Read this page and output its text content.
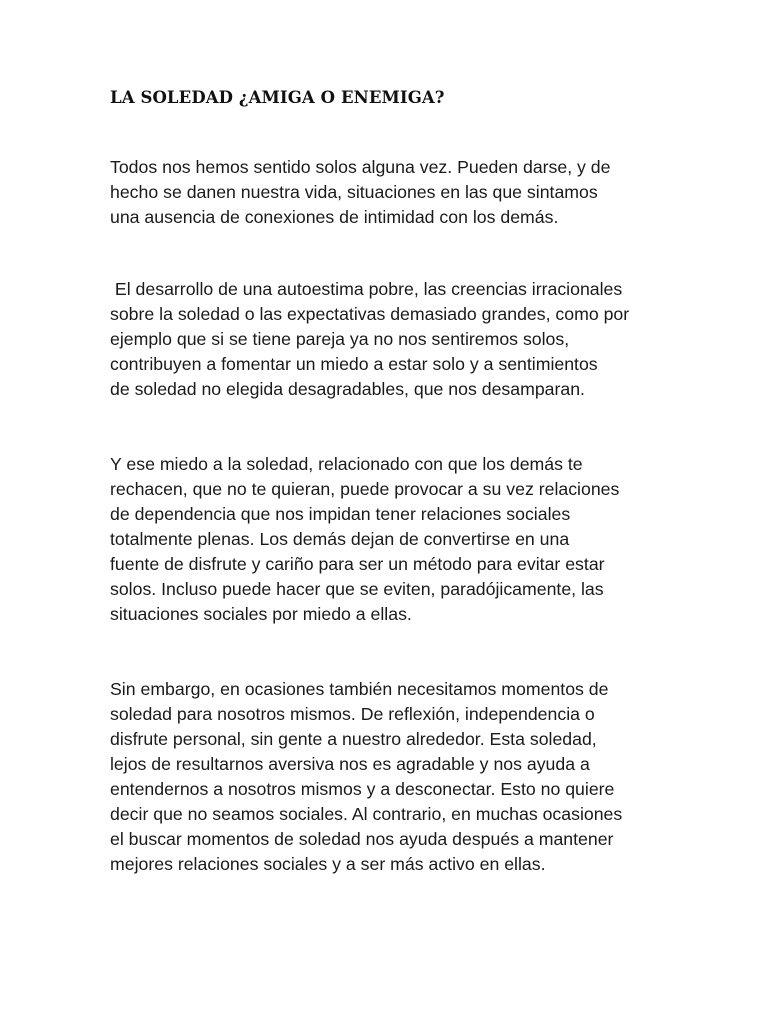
LA SOLEDAD ¿AMIGA O ENEMIGA?

Todos nos hemos sentido solos alguna vez. Pueden darse, y de
hecho se danen nuestra vida, situaciones en las que sintamos
una ausencia de conexiones de intimidad con los demás.

El desarrollo de una autoestima pobre, las creencias irracionales
sobre la soledad o las expectativas demasiado grandes, como por
ejemplo que si se tiene pareja ya no nos sentiremos solos,
contribuyen a fomentar un miedo a estar solo y a sentimientos
de soledad no elegida desagradables, que nos desamparan.

Y ese miedo a la soledad, relacionado con que los demás te
rechacen, que no te quieran, puede provocar a su vez relaciones
de dependencia que nos impidan tener relaciones sociales
totalmente plenas. Los demás dejan de convertirse en una
fuente de disfrute y cariño para ser un método para evitar estar
solos. Incluso puede hacer que se eviten, paradójicamente, las
situaciones sociales por miedo a ellas.

Sin embargo, en ocasiones también necesitamos momentos de
soledad para nosotros mismos. De reflexión, independencia o
disfrute personal, sin gente a nuestro alrededor. Esta soledad,
lejos de resultarnos aversiva nos es agradable y nos ayuda a
entendernos a nosotros mismos y a desconectar. Esto no quiere
decir que no seamos sociales. Al contrario, en muchas ocasiones
el buscar momentos de soledad nos ayuda después a mantener
mejores relaciones sociales y a ser más activo en ellas.
